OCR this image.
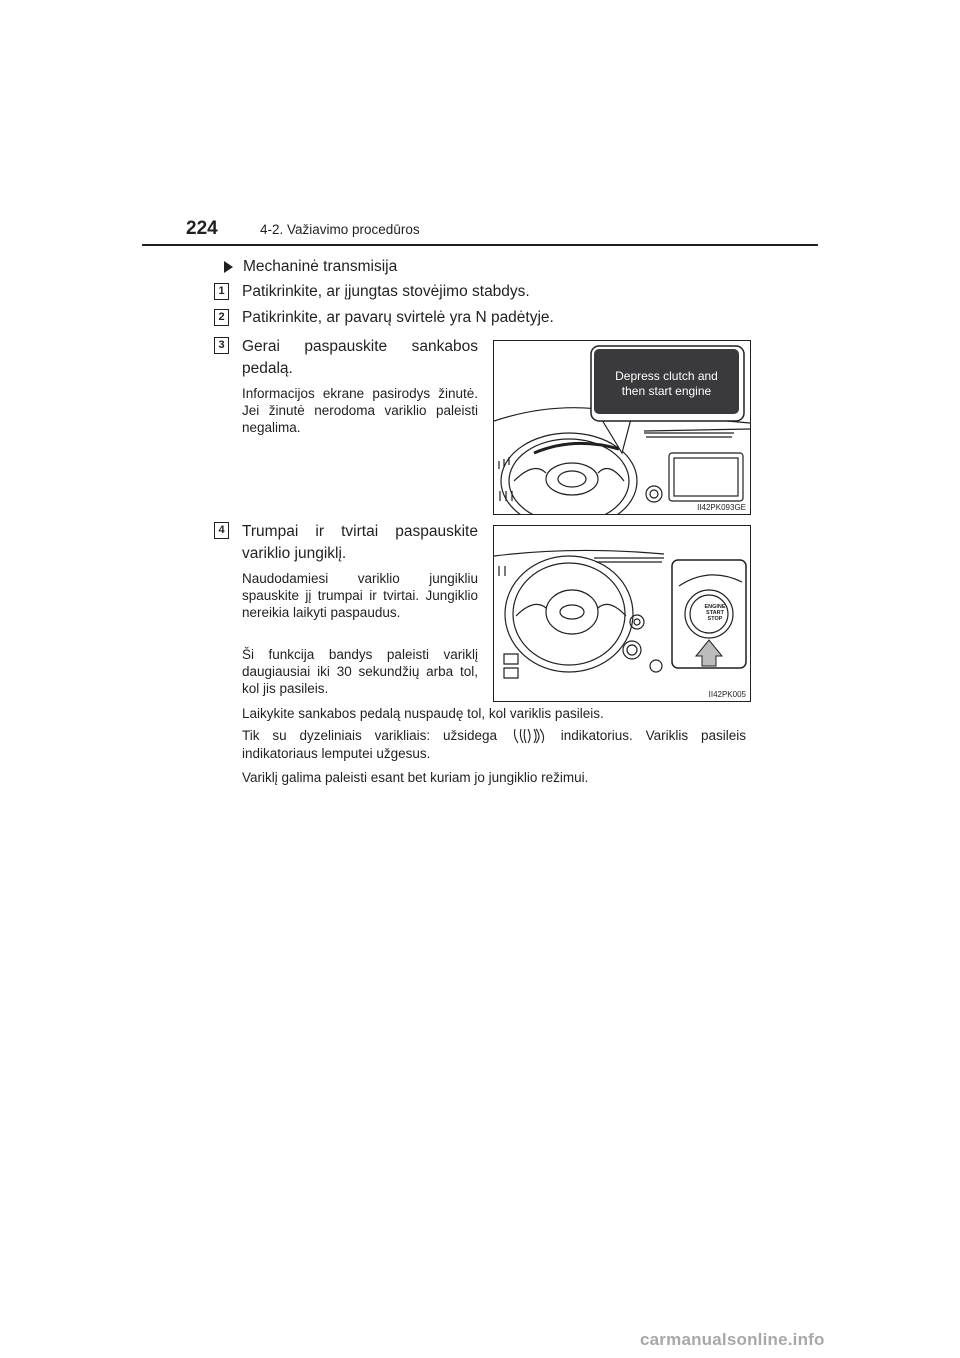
224	4-2. Važiavimo procedūros
Mechaninė transmisija
1 Patikrinkite, ar įjungtas stovėjimo stabdys.
2 Patikrinkite, ar pavarų svirtelė yra N padėtyje.
3 Gerai paspauskite sankabos pedalą.
Informacijos ekrane pasirodys žinutė. Jei žinutė nerodoma variklio paleisti negalima.
Depress clutch and
then start engine
II42PK093GE
4 Trumpai ir tvirtai paspauskite variklio jungiklį.
Naudodamiesi variklio jungikliu spauskite jį trumpai ir tvirtai. Jungiklio nereikia laikyti paspaudus.
Ši funkcija bandys paleisti variklį daugiausiai iki 30 sekundžių arba tol, kol jis pasileis.
ENGINE
START
STOP
II42PK005
Laikykite sankabos pedalą nuspaudę tol, kol variklis pasileis.
Tik su dyzeliniais varikliais: užsidega	indikatorius. Variklis pasileis indikatoriaus lemputei užgesus.
Variklį galima paleisti esant bet kuriam jo jungiklio režimui.
carmanualsonline.info
